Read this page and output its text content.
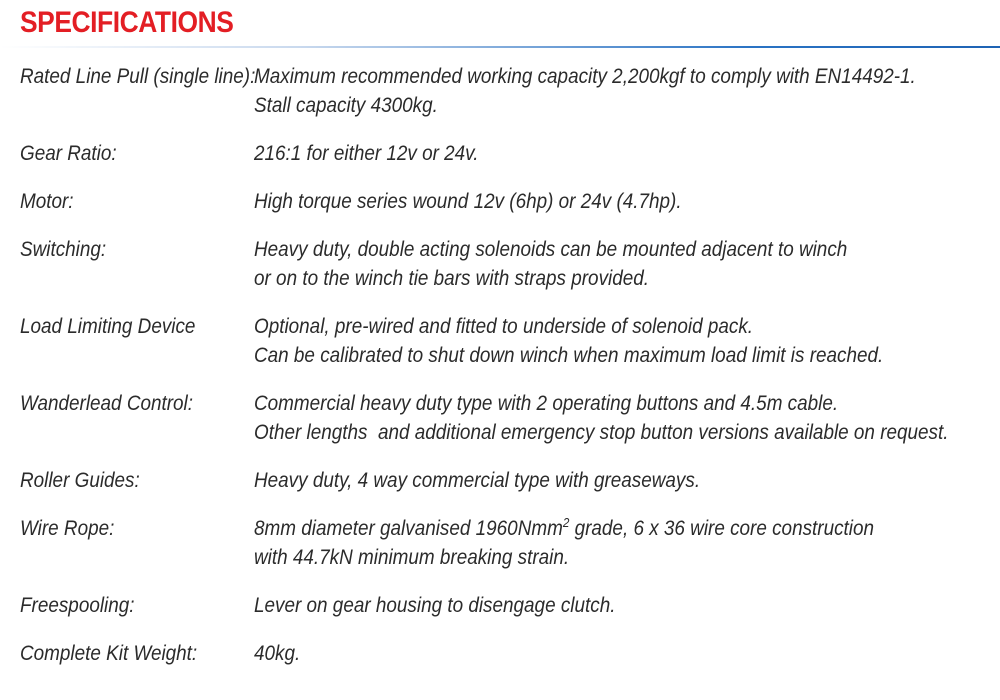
SPECIFICATIONS
Rated Line Pull (single line):
Maximum recommended working capacity 2,200kgf to comply with EN14492-1.
Stall capacity 4300kg.
Gear Ratio:	216:1 for either 12v or 24v.
Motor:	High torque series wound 12v (6hp) or 24v (4.7hp).
Switching:	Heavy duty, double acting solenoids can be mounted adjacent to winch
or on to the winch tie bars with straps provided.
Load Limiting Device	Optional, pre-wired and fitted to underside of solenoid pack.
Can be calibrated to shut down winch when maximum load limit is reached.
Wanderlead Control:	Commercial heavy duty type with 2 operating buttons and 4.5m cable.
Other lengths  and additional emergency stop button versions available on request.
Roller Guides:	Heavy duty, 4 way commercial type with greaseways.
Wire Rope:	8mm diameter galvanised 1960Nmm$^2$ grade, 6 x 36 wire core construction
with 44.7kN minimum breaking strain.
Freespooling:	Lever on gear housing to disengage clutch.
Complete Kit Weight:	40kg.
